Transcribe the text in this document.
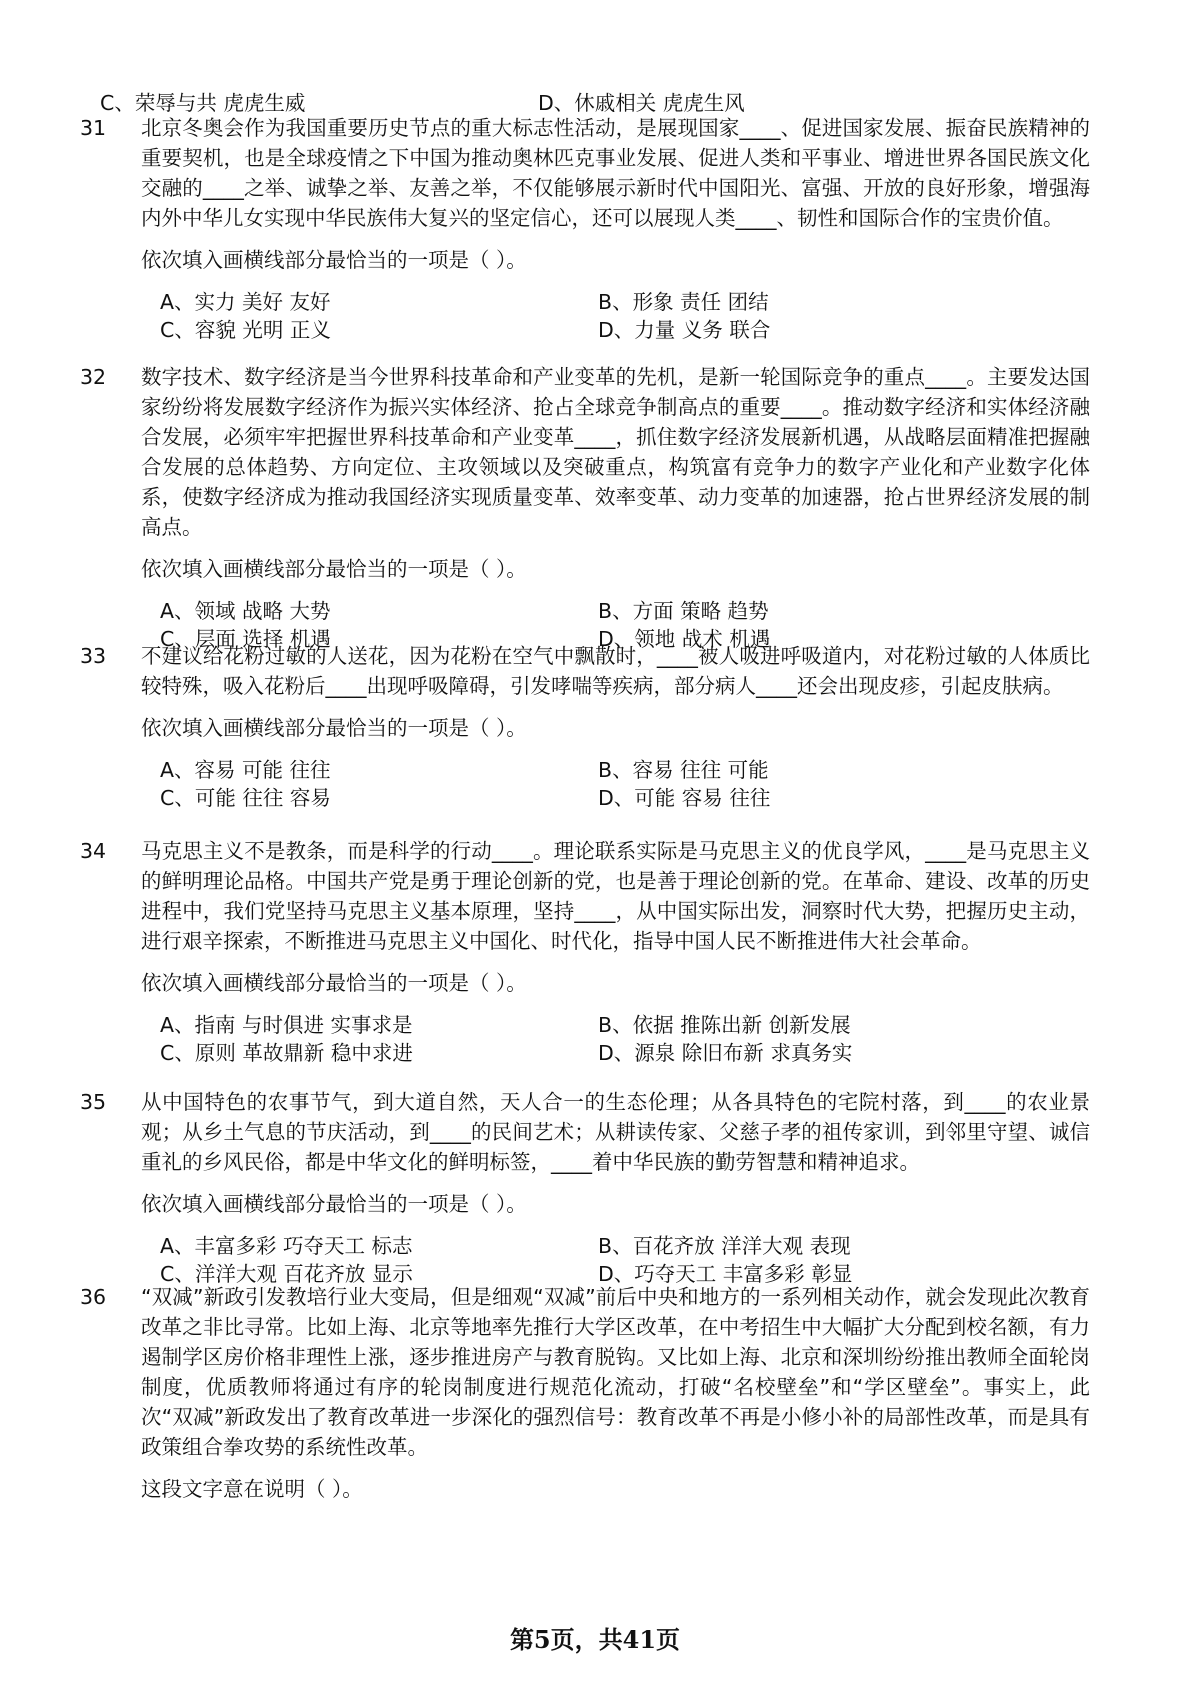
C、荣辱与共 虎虎生威	D、休戚相关 虎虎生风
31	北京冬奥会作为我国重要历史节点的重大标志性活动，是展现国家____、促进国家发展、振奋民族精神的重要契机，也是全球疫情之下中国为推动奥林匹克事业发展、促进人类和平事业、增进世界各国民族文化交融的____之举、诚挚之举、友善之举，不仅能够展示新时代中国阳光、富强、开放的良好形象，增强海内外中华儿女实现中华民族伟大复兴的坚定信心，还可以展现人类____、韧性和国际合作的宝贵价值。
依次填入画横线部分最恰当的一项是（ ）。
A、实力 美好 友好	B、形象 责任 团结
C、容貌 光明 正义	D、力量 义务 联合
32	数字技术、数字经济是当今世界科技革命和产业变革的先机，是新一轮国际竞争的重点____。主要发达国家纷纷将发展数字经济作为振兴实体经济、抢占全球竞争制高点的重要____。推动数字经济和实体经济融合发展，必须牢牢把握世界科技革命和产业变革____，抓住数字经济发展新机遇，从战略层面精准把握融合发展的总体趋势、方向定位、主攻领域以及突破重点，构筑富有竞争力的数字产业化和产业数字化体系，使数字经济成为推动我国经济实现质量变革、效率变革、动力变革的加速器，抢占世界经济发展的制高点。
依次填入画横线部分最恰当的一项是（ ）。
A、领域 战略 大势	B、方面 策略 趋势
C、层面 选择 机遇	D、领地 战术 机遇
33	不建议给花粉过敏的人送花，因为花粉在空气中飘散时，____被人吸进呼吸道内，对花粉过敏的人体质比较特殊，吸入花粉后____出现呼吸障碍，引发哮喘等疾病，部分病人____还会出现皮疹，引起皮肤病。
依次填入画横线部分最恰当的一项是（ ）。
A、容易 可能 往往	B、容易 往往 可能
C、可能 往往 容易	D、可能 容易 往往
34	马克思主义不是教条，而是科学的行动____。理论联系实际是马克思主义的优良学风，____是马克思主义的鲜明理论品格。中国共产党是勇于理论创新的党，也是善于理论创新的党。在革命、建设、改革的历史进程中，我们党坚持马克思主义基本原理，坚持____，从中国实际出发，洞察时代大势，把握历史主动，进行艰辛探索，不断推进马克思主义中国化、时代化，指导中国人民不断推进伟大社会革命。
依次填入画横线部分最恰当的一项是（ ）。
A、指南 与时俱进 实事求是	B、依据 推陈出新 创新发展
C、原则 革故鼎新 稳中求进	D、源泉 除旧布新 求真务实
35	从中国特色的农事节气，到大道自然，天人合一的生态伦理；从各具特色的宅院村落，到____的农业景观；从乡土气息的节庆活动，到____的民间艺术；从耕读传家、父慈子孝的祖传家训，到邻里守望、诚信重礼的乡风民俗，都是中华文化的鲜明标签，____着中华民族的勤劳智慧和精神追求。
依次填入画横线部分最恰当的一项是（ ）。
A、丰富多彩 巧夺天工 标志	B、百花齐放 洋洋大观 表现
C、洋洋大观 百花齐放 显示	D、巧夺天工 丰富多彩 彰显
36	“双减”新政引发教培行业大变局，但是细观“双减”前后中央和地方的一系列相关动作，就会发现此次教育改革之非比寻常。比如上海、北京等地率先推行大学区改革，在中考招生中大幅扩大分配到校名额，有力遏制学区房价格非理性上涨，逐步推进房产与教育脱钩。又比如上海、北京和深圳纷纷推出教师全面轮岗制度，优质教师将通过有序的轮岗制度进行规范化流动，打破“名校壁垒”和“学区壁垒”。事实上，此次“双减”新政发出了教育改革进一步深化的强烈信号：教育改革不再是小修小补的局部性改革，而是具有政策组合拳攻势的系统性改革。
这段文字意在说明（ ）。
第5页，共41页
